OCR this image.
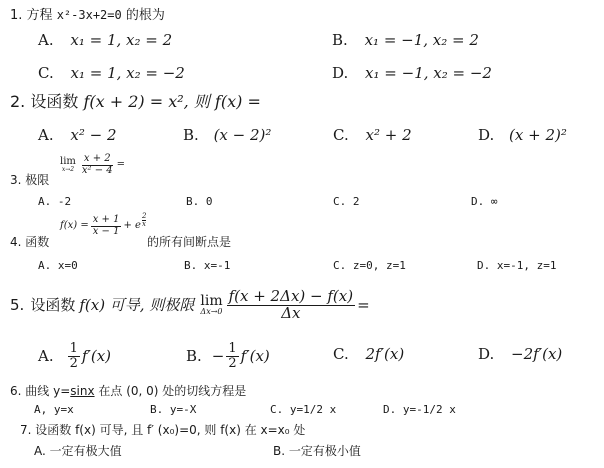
1. 方程 x²-3x+2=0 的根为
A. x₁ = 1, x₂ = 2	B. x₁ = −1, x₂ = 2
C. x₁ = 1, x₂ = −2	D. x₁ = −1, x₂ = −2
2. 设函数 f(x + 2) = x², 则 f(x) =
A. x² − 2	B. (x − 2)²	C. x² + 2	D. (x + 2)²
3. 极限
lim
$x\to 2 \frac{x + 2}{\text{x² − 4}}$ =
A. -2	B. 0	C. 2	D. ∞
4. 函数
$f(x) = \frac{x + 1}{x - 1} + e \frac{2}{x}$
的所有间断点是
A. x=0	B. x=-1	C. z=0, z=1	D. x=-1, z=1
5. 设函数 f(x) 可导, 则极限 lim
$\Delta x\to 0 \frac{f(x + 2\Delta x) - f(x)}{\Delta x}$ =
A. $\frac{1}{2} f'(x)$	B. − $\frac{1}{2} f'(x)$	C. 2f′(x)	D. −2f′(x)
6. 曲线 y=sinx 在点 (0, 0) 处的切线方程是
A, y=x	B. y=-X	C. y=1/2 x	D. y=-1/2 x
7. 设函数 f(x) 可导, 且 f′ (x₀)=0, 则 f(x) 在 x=x₀ 处
A. 一定有极大值	B. 一定有极小值
